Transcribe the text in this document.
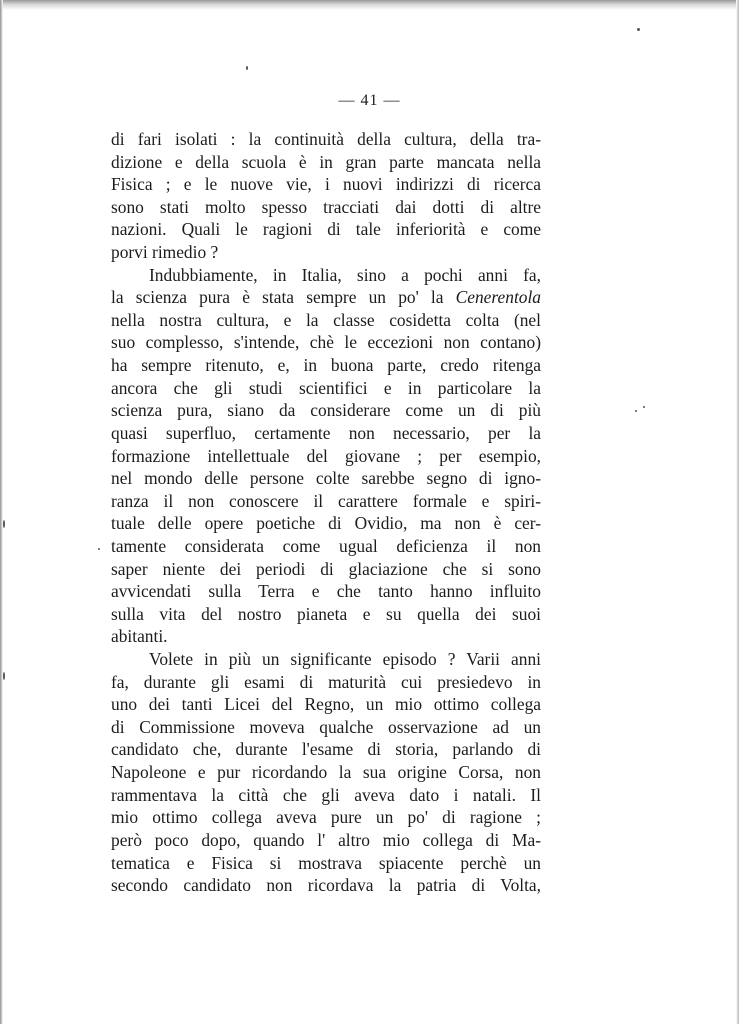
— 41 —
di fari isolati : la continuità della cultura, della tra-
dizione e della scuola è in gran parte mancata nella
Fisica ; e le nuove vie, i nuovi indirizzi di ricerca
sono stati molto spesso tracciati dai dotti di altre
nazioni. Quali le ragioni di tale inferiorità e come
porvi rimedio ?
Indubbiamente, in Italia, sino a pochi anni fa,
la scienza pura è stata sempre un po' la Cenerentola
nella nostra cultura, e la classe cosidetta colta (nel
suo complesso, s'intende, chè le eccezioni non contano)
ha sempre ritenuto, e, in buona parte, credo ritenga
ancora che gli studi scientifici e in particolare la
scienza pura, siano da considerare come un di più
quasi superfluo, certamente non necessario, per la
formazione intellettuale del giovane ; per esempio,
nel mondo delle persone colte sarebbe segno di igno-
ranza il non conoscere il carattere formale e spiri-
tuale delle opere poetiche di Ovidio, ma non è cer-
tamente considerata come ugual deficienza il non
saper niente dei periodi di glaciazione che si sono
avvicendati sulla Terra e che tanto hanno influito
sulla vita del nostro pianeta e su quella dei suoi
abitanti.
Volete in più un significante episodo ? Varii anni
fa, durante gli esami di maturità cui presiedevo in
uno dei tanti Licei del Regno, un mio ottimo collega
di Commissione moveva qualche osservazione ad un
candidato che, durante l'esame di storia, parlando di
Napoleone e pur ricordando la sua origine Corsa, non
rammentava la città che gli aveva dato i natali. Il
mio ottimo collega aveva pure un po' di ragione ;
però poco dopo, quando l' altro mio collega di Ma-
tematica e Fisica si mostrava spiacente perchè un
secondo candidato non ricordava la patria di Volta,
